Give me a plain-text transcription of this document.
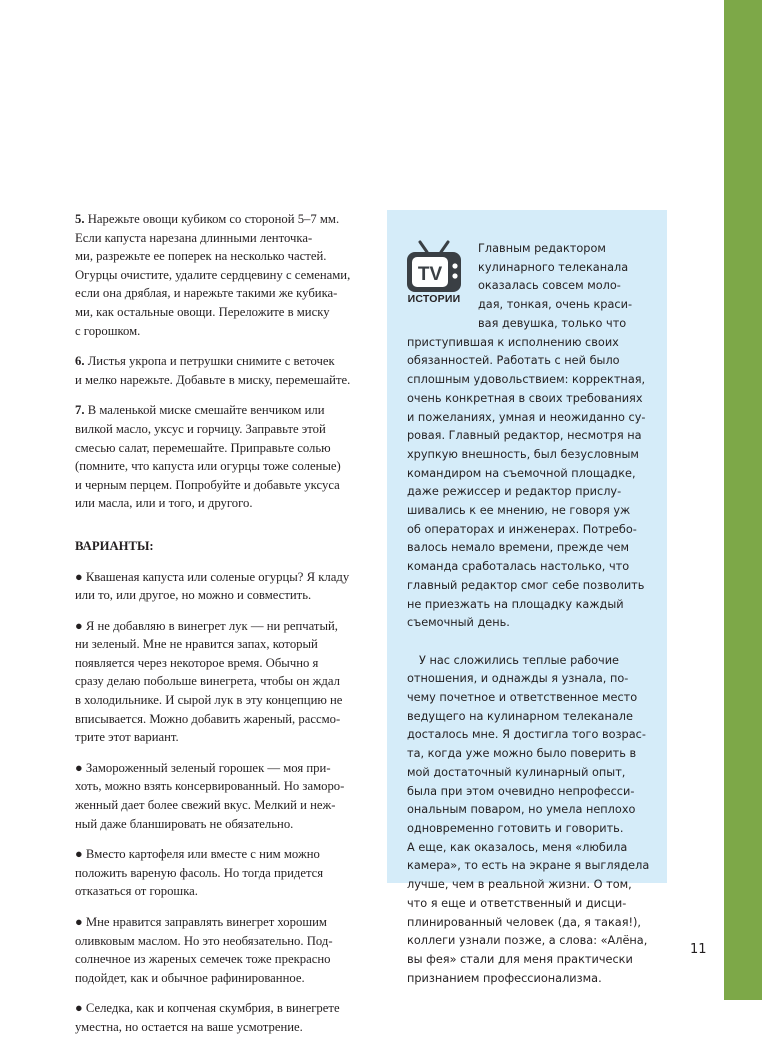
5. Нарежьте овощи кубиком со стороной 5–7 мм.
Если капуста нарезана длинными ленточка-
ми, разрежьте ее поперек на несколько частей.
Огурцы очистите, удалите сердцевину с семенами,
если она дряблая, и нарежьте такими же кубика-
ми, как остальные овощи. Переложите в миску
с горошком.

6. Листья укропа и петрушки снимите с веточек
и мелко нарежьте. Добавьте в миску, перемешайте.

7. В маленькой миске смешайте венчиком или
вилкой масло, уксус и горчицу. Заправьте этой
смесью салат, перемешайте. Приправьте солью
(помните, что капуста или огурцы тоже соленые)
и черным перцем. Попробуйте и добавьте уксуса
или масла, или и того, и другого.

ВАРИАНТЫ:

● Квашеная капуста или соленые огурцы? Я кладу
или то, или другое, но можно и совместить.

● Я не добавляю в винегрет лук — ни репчатый,
ни зеленый. Мне не нравится запах, который
появляется через некоторое время. Обычно я
сразу делаю побольше винегрета, чтобы он ждал
в холодильнике. И сырой лук в эту концепцию не
вписывается. Можно добавить жареный, рассмо-
трите этот вариант.

● Замороженный зеленый горошек — моя при-
хоть, можно взять консервированный. Но заморо-
женный дает более свежий вкус. Мелкий и неж-
ный даже бланшировать не обязательно.

● Вместо картофеля или вместе с ним можно
положить вареную фасоль. Но тогда придется
отказаться от горошка.

● Мне нравится заправлять винегрет хорошим
оливковым маслом. Но это необязательно. Под-
солнечное из жареных семечек тоже прекрасно
подойдет, как и обычное рафинированное.

● Селедка, как и копченая скумбрия, в винегрете
уместна, но остается на ваше усмотрение.

TV
ИСТОРИИ
Главным редактором
кулинарного телеканала
оказалась совсем моло-
дая, тонкая, очень краси-
вая девушка, только что

приступившая к исполнению своих
обязанностей. Работать с ней было
сплошным удовольствием: корректная,
очень конкретная в своих требованиях
и пожеланиях, умная и неожиданно су-
ровая. Главный редактор, несмотря на
хрупкую внешность, был безусловным
командиром на съемочной площадке,
даже режиссер и редактор прислу-
шивались к ее мнению, не говоря уж
об операторах и инженерах. Потребо-
валось немало времени, прежде чем
команда сработалась настолько, что
главный редактор смог себе позволить
не приезжать на площадку каждый
съемочный день.

У нас сложились теплые рабочие
отношения, и однажды я узнала, по-
чему почетное и ответственное место
ведущего на кулинарном телеканале
досталось мне. Я достигла того возрас-
та, когда уже можно было поверить в
мой достаточный кулинарный опыт,
была при этом очевидно непрофесси-
ональным поваром, но умела неплохо
одновременно готовить и говорить.
А еще, как оказалось, меня «любила
камера», то есть на экране я выглядела
лучше, чем в реальной жизни. О том,
что я еще и ответственный и дисци-
плинированный человек (да, я такая!),
коллеги узнали позже, а слова: «Алёна,
вы фея» стали для меня практически
признанием профессионализма.

11
